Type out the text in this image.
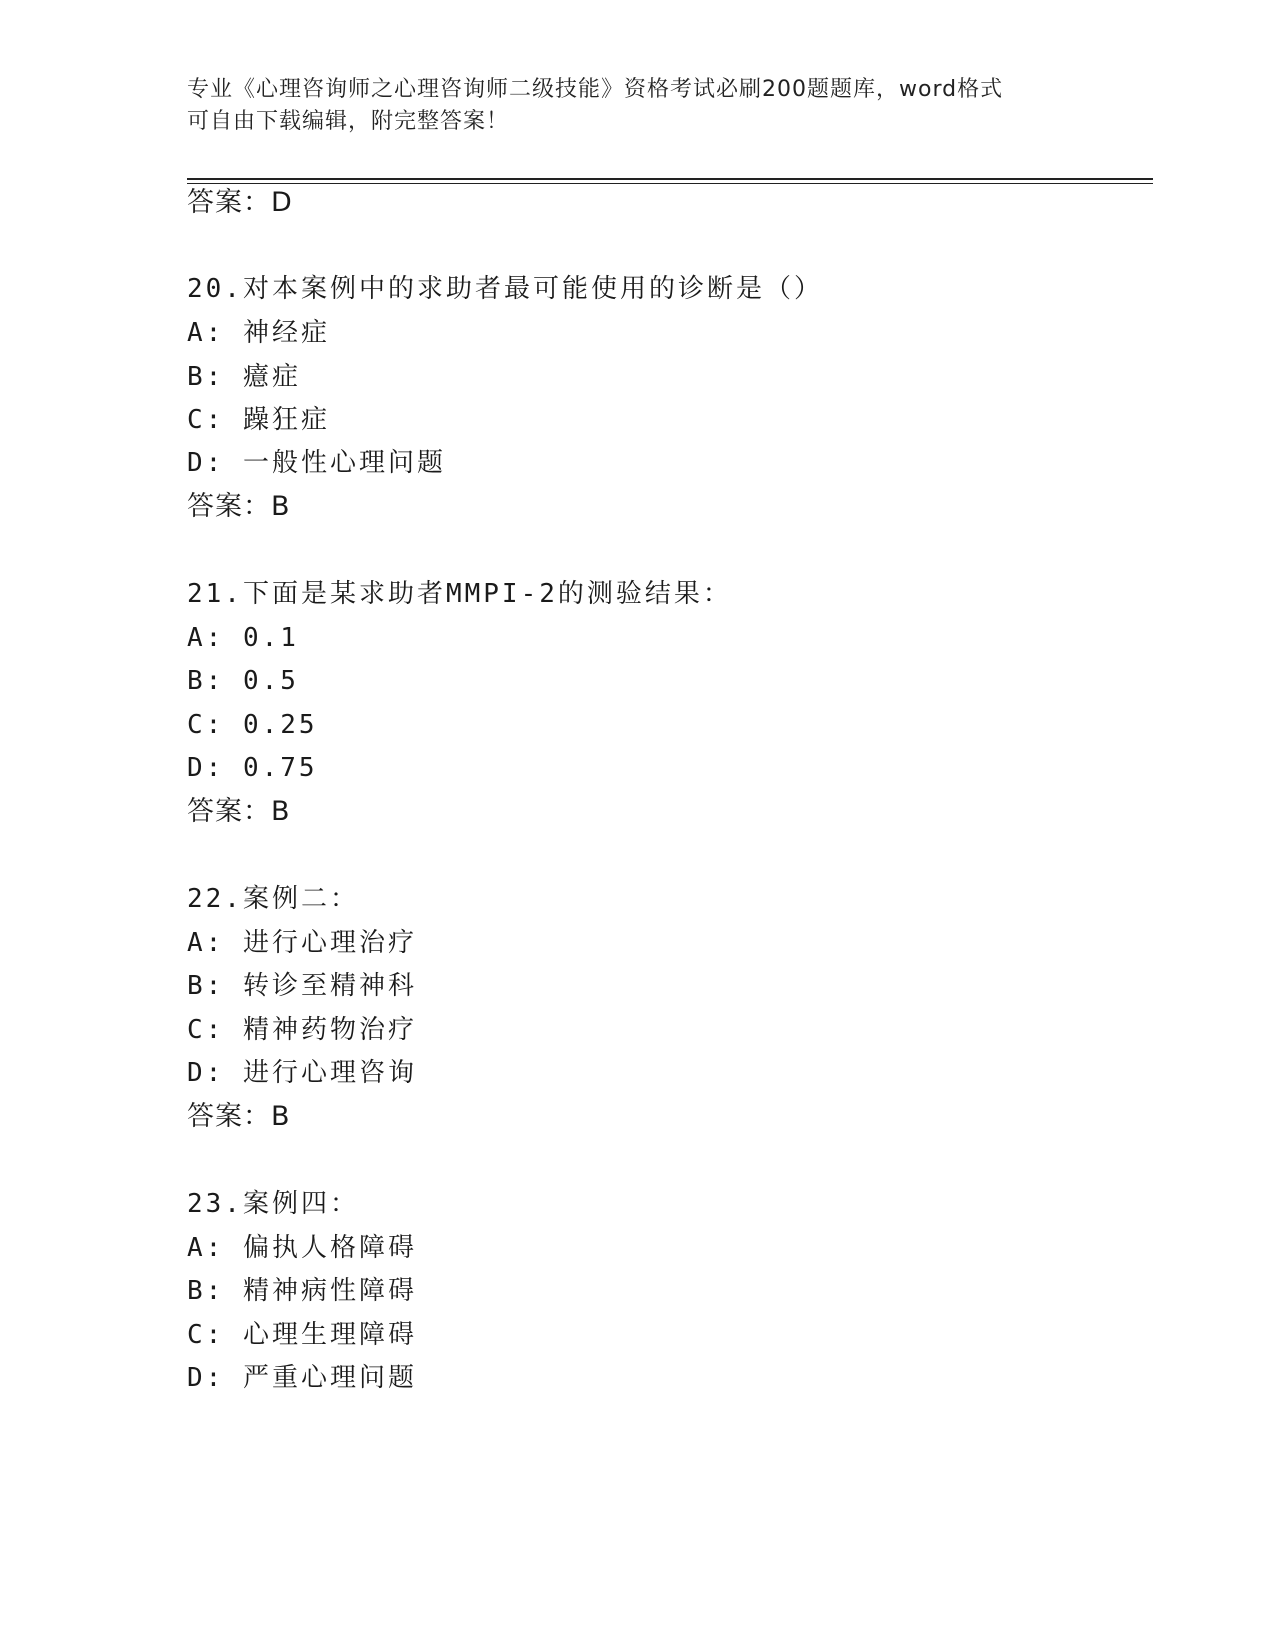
专业《心理咨询师之心理咨询师二级技能》资格考试必刷200题题库，word格式
可自由下载编辑，附完整答案！
答案：D
20.对本案例中的求助者最可能使用的诊断是（）
A: 神经症
B: 癔症
C: 躁狂症
D: 一般性心理问题
答案：B
21.下面是某求助者MMPI-2的测验结果：
A: 0.1
B: 0.5
C: 0.25
D: 0.75
答案：B
22.案例二：
A: 进行心理治疗
B: 转诊至精神科
C: 精神药物治疗
D: 进行心理咨询
答案：B
23.案例四：
A: 偏执人格障碍
B: 精神病性障碍
C: 心理生理障碍
D: 严重心理问题
